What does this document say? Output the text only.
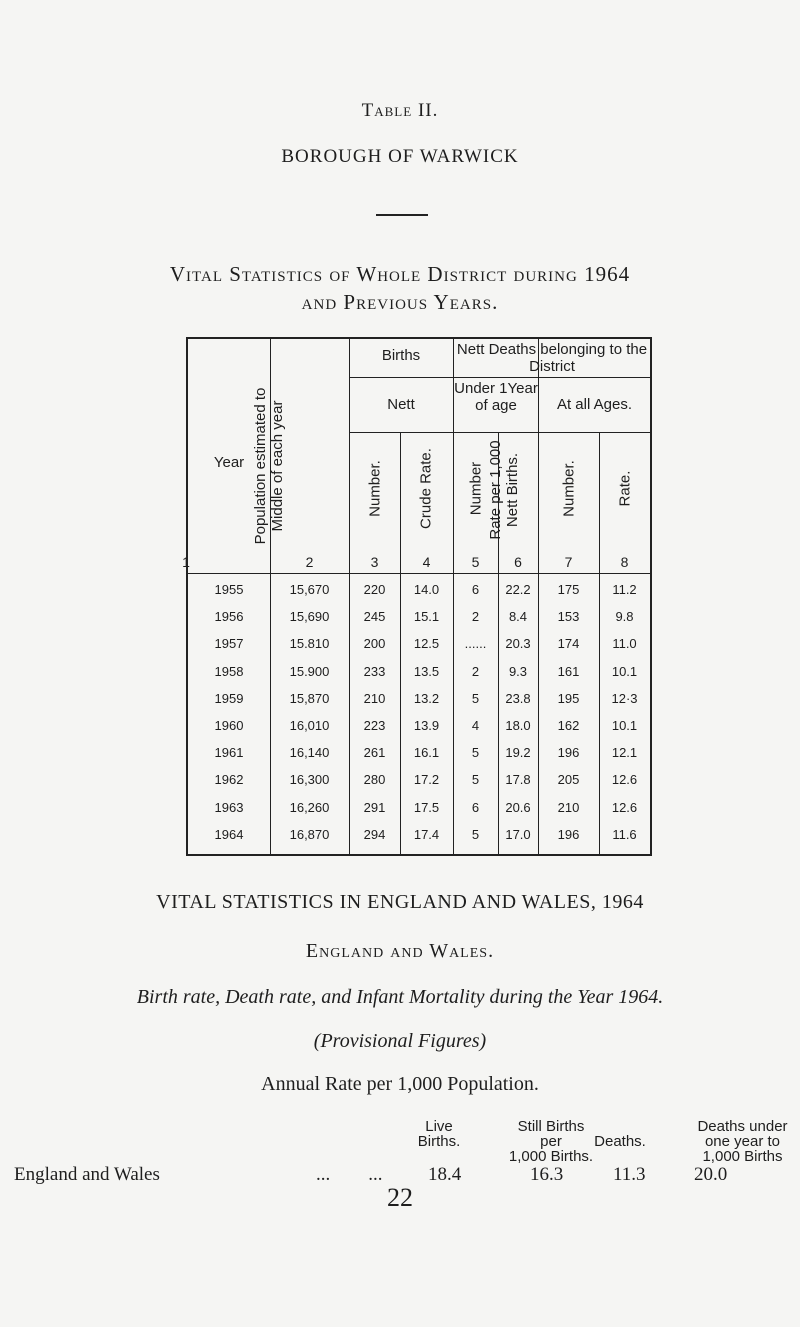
Table II.
BOROUGH OF WARWICK
Vital Statistics of Whole District during 1964
and Previous Years.
Year Population estimated to Middle of each year
Births
Nett
Number. Crude Rate.
Nett Deaths belonging to the District
Under 1Year of age
Number Rate per 1,000 Nett Births.
At all Ages.
Number.	Rate.
1	2	3	4	5	6	7	8
1955	15,670	220	14.0	6	22.2	175	11.2
1956	15,690	245	15.1	2	8.4	153	9.8
1957	15.810	200	12.5	......	20.3	174	11.0
1958	15.900	233	13.5	2	9.3	161	10.1
1959	15,870	210	13.2	5	23.8	195	12·3
1960	16,010	223	13.9	4	18.0	162	10.1
1961	16,140	261	16.1	5	19.2	196	12.1
1962	16,300	280	17.2	5	17.8	205	12.6
1963	16,260	291	17.5	6	20.6	210	12.6
1964	16,870	294	17.4	5	17.0	196	11.6
VITAL STATISTICS IN ENGLAND AND WALES, 1964
England and Wales.
Birth rate, Death rate, and Infant Mortality during the Year 1964.
(Provisional Figures)
Annual Rate per 1,000 Population.
Live
Births.
Still Births
per
1,000 Births.
Deaths.
Deaths under
one year to
1,000 Births
England and Wales	...        ... 18.4	16.3	11.3	20.0
22
